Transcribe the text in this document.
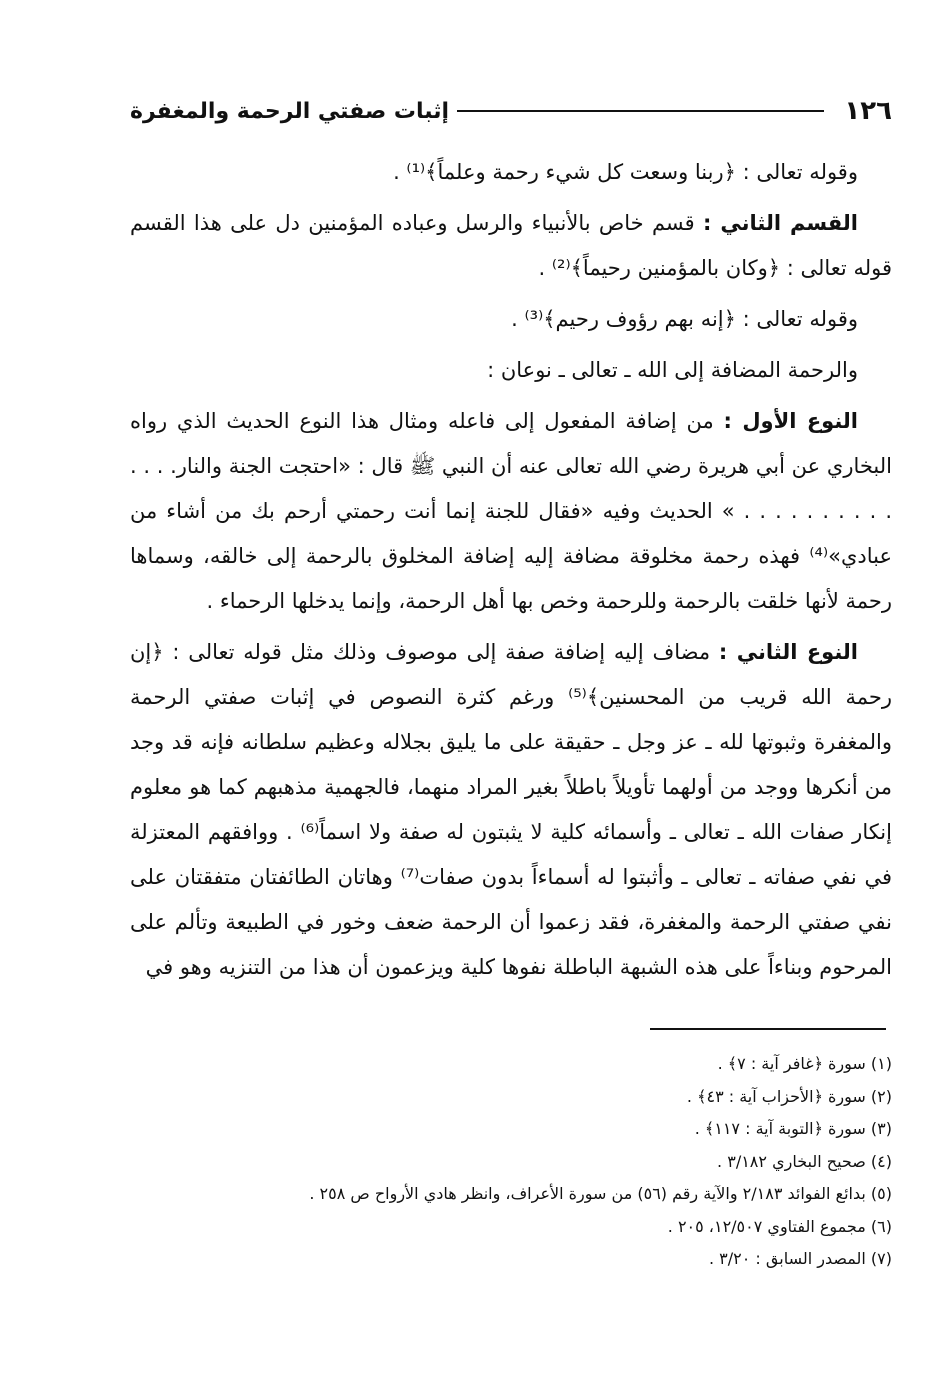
١٢٦
إثبات صفتي الرحمة والمغفرة

وقوله تعالى : ﴿ربنا وسعت كل شيء رحمة وعلماً﴾⁽¹⁾ .

القسم الثاني : قسم خاص بالأنبياء والرسل وعباده المؤمنين دل على هذا القسم قوله تعالى : ﴿وكان بالمؤمنين رحيماً﴾⁽²⁾ .

وقوله تعالى : ﴿إنه بهم رؤوف رحيم﴾⁽³⁾ .

والرحمة المضافة إلى الله ـ تعالى ـ نوعان :

النوع الأول : من إضافة المفعول إلى فاعله ومثال هذا النوع الحديث الذي رواه البخاري عن أبي هريرة رضي الله تعالى عنه أن النبي ﷺ قال : «احتجت الجنة والنار. . . . . . . . . . . . . . » الحديث وفيه «فقال للجنة إنما أنت رحمتي أرحم بك من أشاء من عبادي»⁽⁴⁾ فهذه رحمة مخلوقة مضافة إليه إضافة المخلوق بالرحمة إلى خالقه، وسماها رحمة لأنها خلقت بالرحمة وللرحمة وخص بها أهل الرحمة، وإنما يدخلها الرحماء .

النوع الثاني : مضاف إليه إضافة صفة إلى موصوف وذلك مثل قوله تعالى : ﴿إن رحمة الله قريب من المحسنين﴾⁽⁵⁾ ورغم كثرة النصوص في إثبات صفتي الرحمة والمغفرة وثبوتها لله ـ عز وجل ـ حقيقة على ما يليق بجلاله وعظيم سلطانه فإنه قد وجد من أنكرها ووجد من أولهما تأويلاً باطلاً بغير المراد منهما، فالجهمية مذهبهم كما هو معلوم إنكار صفات الله ـ تعالى ـ وأسمائه كلية لا يثبتون له صفة ولا اسماً⁽⁶⁾ . ووافقهم المعتزلة في نفي صفاته ـ تعالى ـ وأثبتوا له أسماءاً بدون صفات⁽⁷⁾ وهاتان الطائفتان متفقتان على نفي صفتي الرحمة والمغفرة، فقد زعموا أن الرحمة ضعف وخور في الطبيعة وتألم على المرحوم وبناءاً على هذه الشبهة الباطلة نفوها كلية ويزعمون أن هذا من التنزيه وهو في

(١) سورة ﴿غافر آية : ٧﴾ .
(٢) سورة ﴿الأحزاب آية : ٤٣﴾ .
(٣) سورة ﴿التوبة آية : ١١٧﴾ .
(٤) صحيح البخاري ٣/١٨٢ .
(٥) بدائع الفوائد ٢/١٨٣ والآية رقم (٥٦) من سورة الأعراف، وانظر هادي الأرواح ص ٢٥٨ .
(٦) مجموع الفتاوي ١٢/٥٠٧، ٢٠٥ .
(٧) المصدر السابق : ٣/٢٠ .
